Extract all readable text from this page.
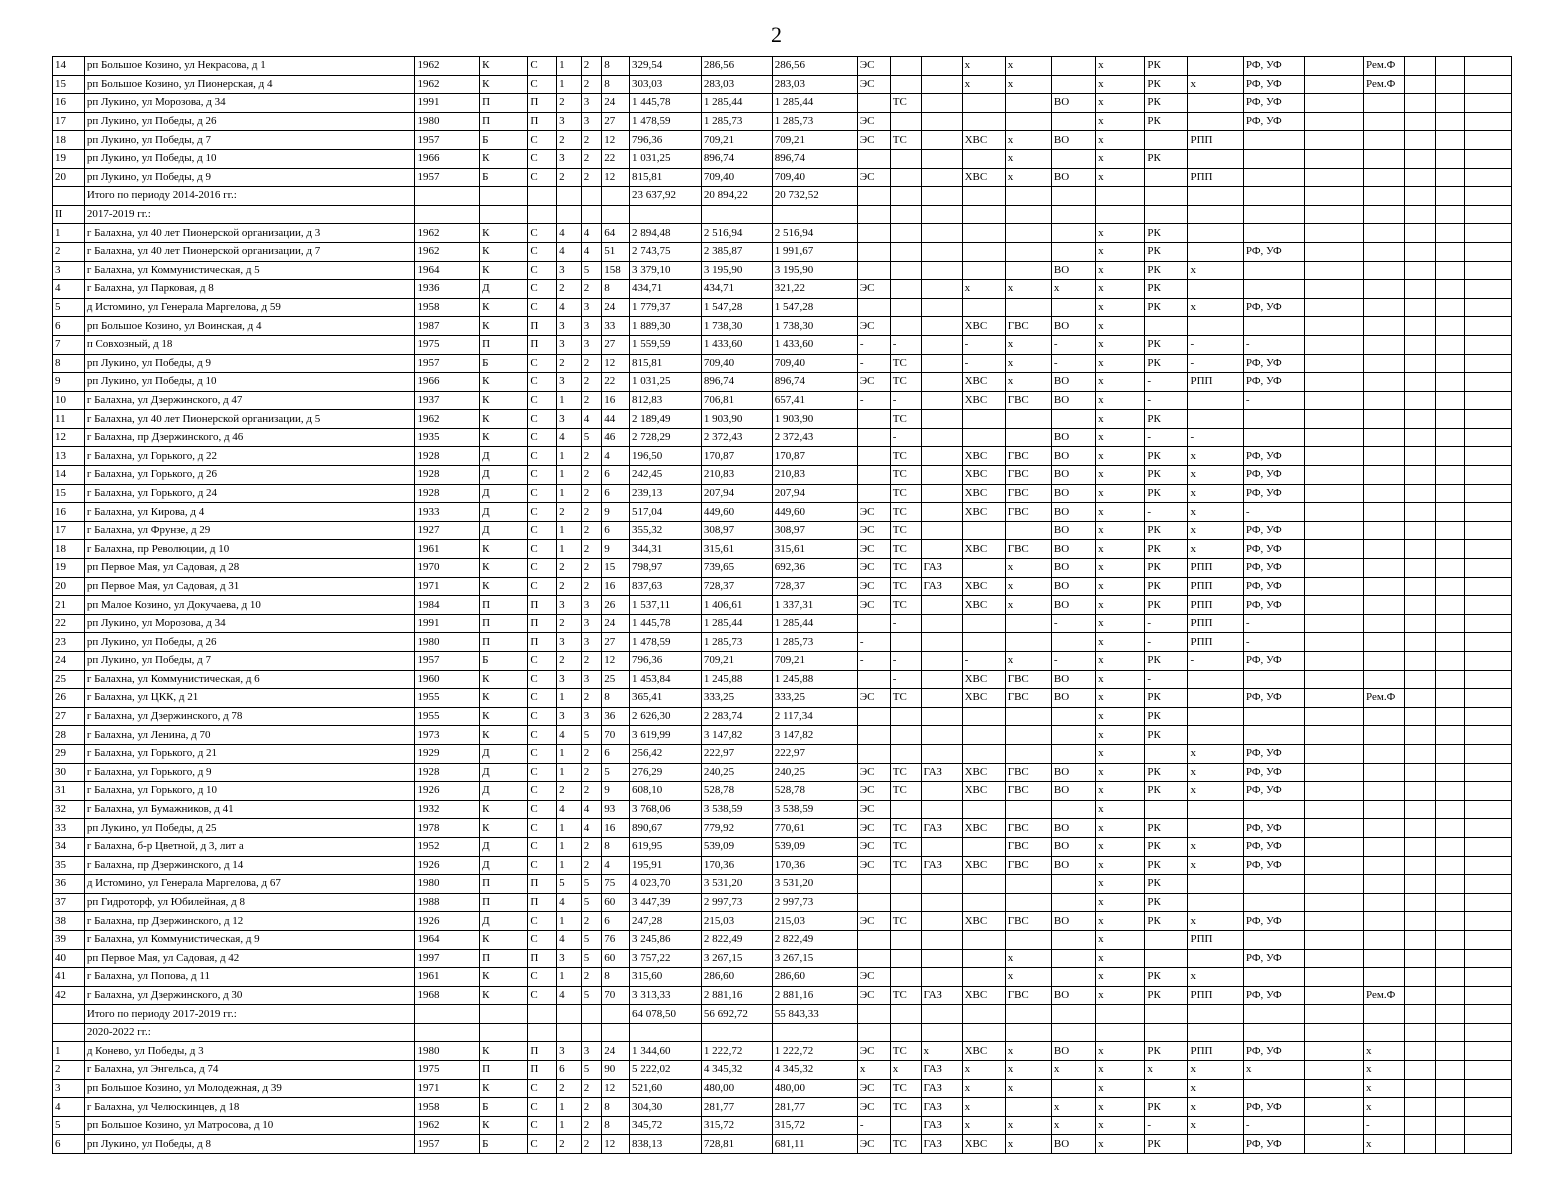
2
14	рп Большое Козино, ул Некрасова, д 1	1962	К	С	1	2	8	329,54	286,56	286,56	ЭС			х	х		х	РК		РФ, УФ		Рем.Ф			
15	рп Большое Козино, ул Пионерская, д 4	1962	К	С	1	2	8	303,03	283,03	283,03	ЭС			х	х		х	РК	х	РФ, УФ		Рем.Ф			
16	рп Лукино, ул Морозова, д 34	1991	П	П	2	3	24	1 445,78	1 285,44	1 285,44		ТС				ВО	х	РК		РФ, УФ					
17	рп Лукино, ул Победы, д 26	1980	П	П	3	3	27	1 478,59	1 285,73	1 285,73	ЭС						х	РК		РФ, УФ					
18	рп Лукино, ул Победы, д 7	1957	Б	С	2	2	12	796,36	709,21	709,21	ЭС	ТС		ХВС	х	ВО	х		РПП						
19	рп Лукино, ул Победы, д 10	1966	К	С	3	2	22	1 031,25	896,74	896,74					х		х	РК							
20	рп Лукино, ул Победы, д 9	1957	Б	С	2	2	12	815,81	709,40	709,40	ЭС			ХВС	х	ВО	х		РПП						
	Итого по периоду 2014-2016 гг.:							23 637,92	20 894,22	20 732,52															
II	2017-2019 гг.:																								
1	г Балахна, ул 40 лет Пионерской организации, д 3	1962	К	С	4	4	64	2 894,48	2 516,94	2 516,94							х	РК							
2	г Балахна, ул 40 лет Пионерской организации, д 7	1962	К	С	4	4	51	2 743,75	2 385,87	1 991,67							х	РК		РФ, УФ					
3	г Балахна, ул Коммунистическая, д 5	1964	К	С	3	5	158	3 379,10	3 195,90	3 195,90						ВО	х	РК	х						
4	г Балахна, ул Парковая, д 8	1936	Д	С	2	2	8	434,71	434,71	321,22	ЭС			х	х	х	х	РК							
5	д Истомино, ул Генерала Маргелова, д 59	1958	К	С	4	3	24	1 779,37	1 547,28	1 547,28							х	РК	х	РФ, УФ					
6	рп Большое Козино, ул Воинская, д 4	1987	К	П	3	3	33	1 889,30	1 738,30	1 738,30	ЭС			ХВС	ГВС	ВО	х								
7	п Совхозный, д 18	1975	П	П	3	3	27	1 559,59	1 433,60	1 433,60	-	-		-	х	-	х	РК	-	-					
8	рп Лукино, ул Победы, д 9	1957	Б	С	2	2	12	815,81	709,40	709,40	-	ТС		-	х	-	х	РК	-	РФ, УФ					
9	рп Лукино, ул Победы, д 10	1966	К	С	3	2	22	1 031,25	896,74	896,74	ЭС	ТС		ХВС	х	ВО	х	-	РПП	РФ, УФ					
10	г Балахна, ул Дзержинского, д 47	1937	К	С	1	2	16	812,83	706,81	657,41	-	-		ХВС	ГВС	ВО	х	-		-					
11	г Балахна, ул 40 лет Пионерской организации, д 5	1962	К	С	3	4	44	2 189,49	1 903,90	1 903,90		ТС					х	РК							
12	г Балахна, пр Дзержинского, д 46	1935	К	С	4	5	46	2 728,29	2 372,43	2 372,43		-				ВО	х	-	-						
13	г Балахна, ул Горького, д 22	1928	Д	С	1	2	4	196,50	170,87	170,87		ТС		ХВС	ГВС	ВО	х	РК	х	РФ, УФ					
14	г Балахна, ул Горького, д 26	1928	Д	С	1	2	6	242,45	210,83	210,83		ТС		ХВС	ГВС	ВО	х	РК	х	РФ, УФ					
15	г Балахна, ул Горького, д 24	1928	Д	С	1	2	6	239,13	207,94	207,94		ТС		ХВС	ГВС	ВО	х	РК	х	РФ, УФ					
16	г Балахна, ул Кирова, д 4	1933	Д	С	2	2	9	517,04	449,60	449,60	ЭС	ТС		ХВС	ГВС	ВО	х	-	х	-					
17	г Балахна, ул Фрунзе, д 29	1927	Д	С	1	2	6	355,32	308,97	308,97	ЭС	ТС				ВО	х	РК	х	РФ, УФ					
18	г Балахна, пр Революции, д 10	1961	К	С	1	2	9	344,31	315,61	315,61	ЭС	ТС		ХВС	ГВС	ВО	х	РК	х	РФ, УФ					
19	рп Первое Мая, ул Садовая, д 28	1970	К	С	2	2	15	798,97	739,65	692,36	ЭС	ТС	ГАЗ		х	ВО	х	РК	РПП	РФ, УФ					
20	рп Первое Мая, ул Садовая, д 31	1971	К	С	2	2	16	837,63	728,37	728,37	ЭС	ТС	ГАЗ	ХВС	х	ВО	х	РК	РПП	РФ, УФ					
21	рп Малое Козино, ул Докучаева, д 10	1984	П	П	3	3	26	1 537,11	1 406,61	1 337,31	ЭС	ТС		ХВС	х	ВО	х	РК	РПП	РФ, УФ					
22	рп Лукино, ул Морозова, д 34	1991	П	П	2	3	24	1 445,78	1 285,44	1 285,44		-				-	х	-	РПП	-					
23	рп Лукино, ул Победы, д 26	1980	П	П	3	3	27	1 478,59	1 285,73	1 285,73	-						х	-	РПП	-					
24	рп Лукино, ул Победы, д 7	1957	Б	С	2	2	12	796,36	709,21	709,21	-	-		-	х	-	х	РК	-	РФ, УФ					
25	г Балахна, ул Коммунистическая, д 6	1960	К	С	3	3	25	1 453,84	1 245,88	1 245,88		-		ХВС	ГВС	ВО	х	-							
26	г Балахна, ул ЦКК, д 21	1955	К	С	1	2	8	365,41	333,25	333,25	ЭС	ТС		ХВС	ГВС	ВО	х	РК		РФ, УФ		Рем.Ф			
27	г Балахна, ул Дзержинского, д 78	1955	К	С	3	3	36	2 626,30	2 283,74	2 117,34							х	РК							
28	г Балахна, ул Ленина, д 70	1973	К	С	4	5	70	3 619,99	3 147,82	3 147,82							х	РК							
29	г Балахна, ул Горького, д 21	1929	Д	С	1	2	6	256,42	222,97	222,97							х		х	РФ, УФ					
30	г Балахна, ул Горького, д 9	1928	Д	С	1	2	5	276,29	240,25	240,25	ЭС	ТС	ГАЗ	ХВС	ГВС	ВО	х	РК	х	РФ, УФ					
31	г Балахна, ул Горького, д 10	1926	Д	С	2	2	9	608,10	528,78	528,78	ЭС	ТС		ХВС	ГВС	ВО	х	РК	х	РФ, УФ					
32	г Балахна, ул Бумажников, д 41	1932	К	С	4	4	93	3 768,06	3 538,59	3 538,59	ЭС						х								
33	рп Лукино, ул Победы, д 25	1978	К	С	1	4	16	890,67	779,92	770,61	ЭС	ТС	ГАЗ	ХВС	ГВС	ВО	х	РК		РФ, УФ					
34	г Балахна, б-р Цветной, д 3, лит а	1952	Д	С	1	2	8	619,95	539,09	539,09	ЭС	ТС			ГВС	ВО	х	РК	х	РФ, УФ					
35	г Балахна, пр Дзержинского, д 14	1926	Д	С	1	2	4	195,91	170,36	170,36	ЭС	ТС	ГАЗ	ХВС	ГВС	ВО	х	РК	х	РФ, УФ					
36	д Истомино, ул Генерала Маргелова, д 67	1980	П	П	5	5	75	4 023,70	3 531,20	3 531,20							х	РК							
37	рп Гидроторф, ул Юбилейная, д 8	1988	П	П	4	5	60	3 447,39	2 997,73	2 997,73							х	РК							
38	г Балахна, пр Дзержинского, д 12	1926	Д	С	1	2	6	247,28	215,03	215,03	ЭС	ТС		ХВС	ГВС	ВО	х	РК	х	РФ, УФ					
39	г Балахна, ул Коммунистическая, д 9	1964	К	С	4	5	76	3 245,86	2 822,49	2 822,49							х		РПП						
40	рп Первое Мая, ул Садовая, д 42	1997	П	П	3	5	60	3 757,22	3 267,15	3 267,15					х		х			РФ, УФ					
41	г Балахна, ул Попова, д 11	1961	К	С	1	2	8	315,60	286,60	286,60	ЭС				х		х	РК	х						
42	г Балахна, ул Дзержинского, д 30	1968	К	С	4	5	70	3 313,33	2 881,16	2 881,16	ЭС	ТС	ГАЗ	ХВС	ГВС	ВО	х	РК	РПП	РФ, УФ		Рем.Ф			
	Итого по периоду 2017-2019 гг.:							64 078,50	56 692,72	55 843,33															
	2020-2022 гг.:																								
1	д Конево, ул Победы, д 3	1980	К	П	3	3	24	1 344,60	1 222,72	1 222,72	ЭС	ТС	х	ХВС	х	ВО	х	РК	РПП	РФ, УФ		х			
2	г Балахна, ул Энгельса, д 74	1975	П	П	6	5	90	5 222,02	4 345,32	4 345,32	х	х	ГАЗ	х	х	х	х	х	х	х		х			
3	рп Большое Козино, ул Молодежная, д 39	1971	К	С	2	2	12	521,60	480,00	480,00	ЭС	ТС	ГАЗ	х	х		х		х			х			
4	г Балахна, ул Челюскинцев, д 18	1958	Б	С	1	2	8	304,30	281,77	281,77	ЭС	ТС	ГАЗ	х		х	х	РК	х	РФ, УФ		х			
5	рп Большое Козино, ул Матросова, д 10	1962	К	С	1	2	8	345,72	315,72	315,72	-		ГАЗ	х	х	х	х	-	х	-		-			
6	рп Лукино, ул Победы, д 8	1957	Б	С	2	2	12	838,13	728,81	681,11	ЭС	ТС	ГАЗ	ХВС	х	ВО	х	РК		РФ, УФ		х			
